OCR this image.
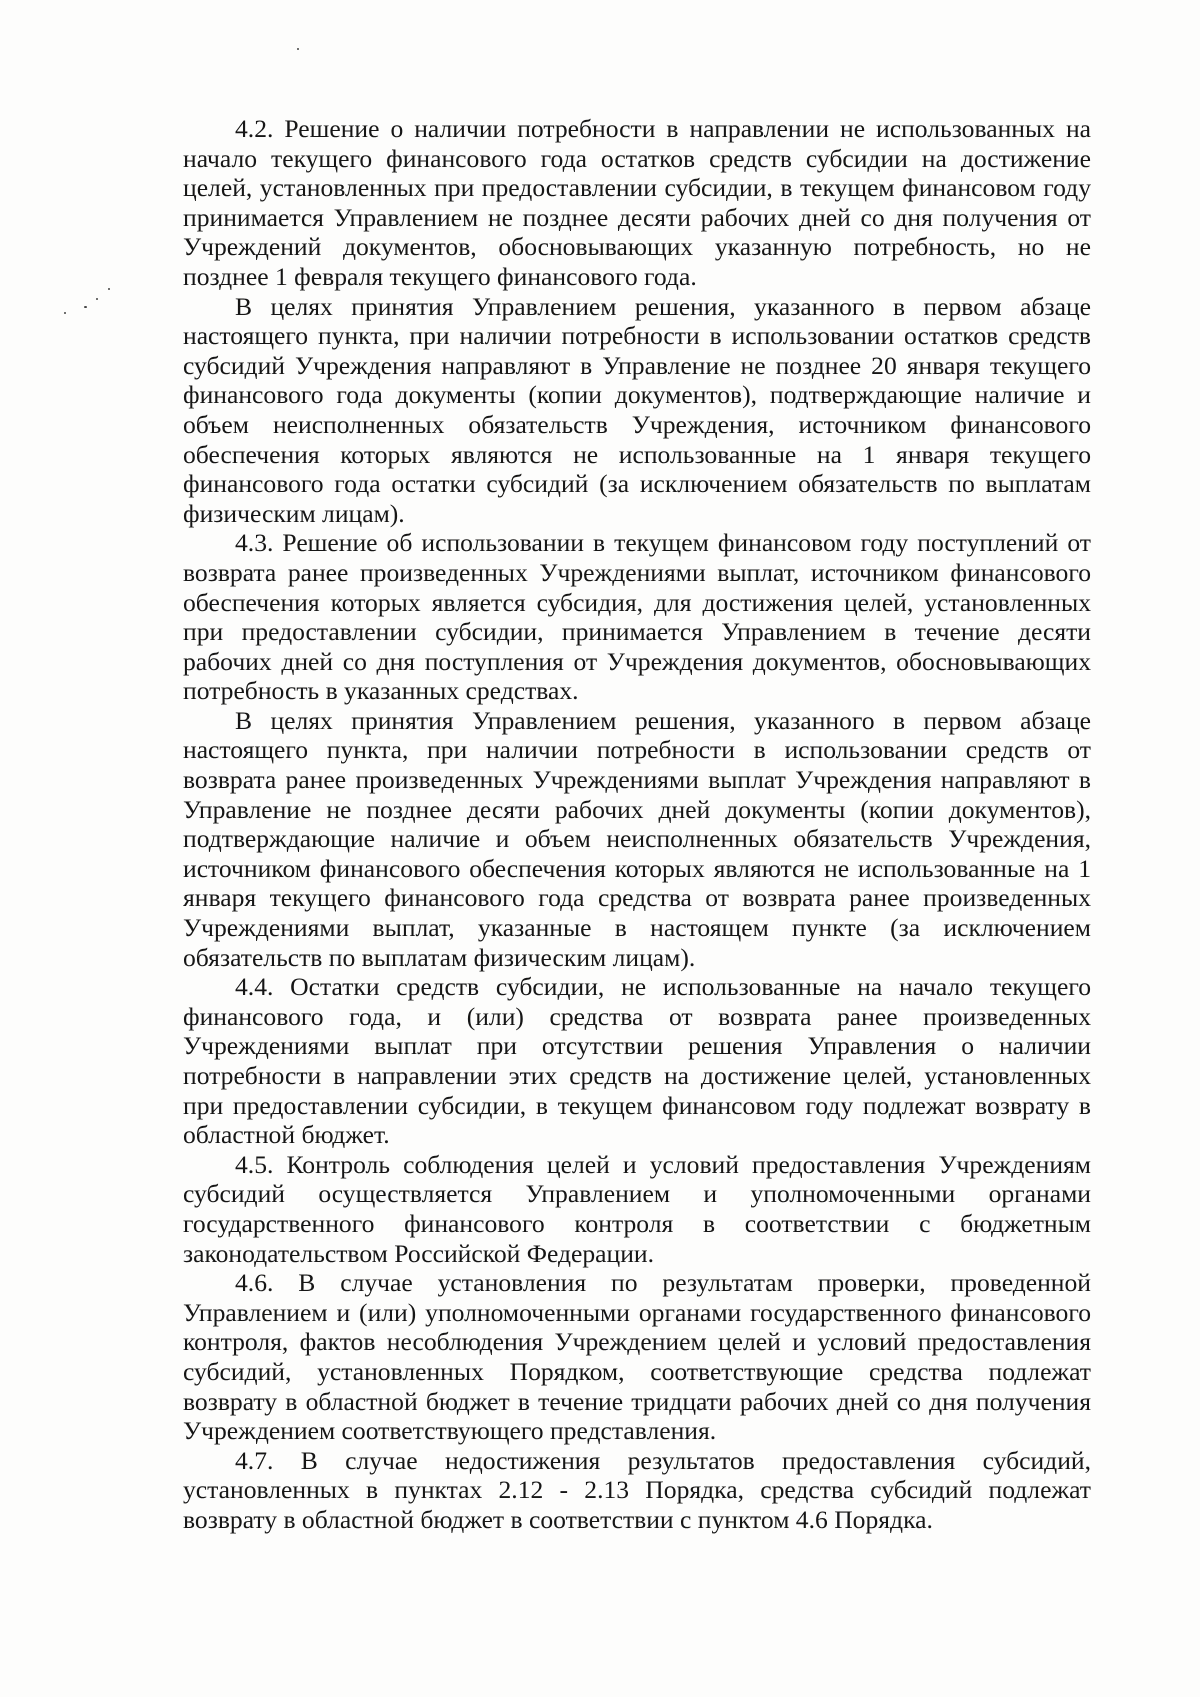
4.2. Решение о наличии потребности в направлении не использованных на начало текущего финансового года остатков средств субсидии на достижение целей, установленных при предоставлении субсидии, в текущем финансовом году принимается Управлением не позднее десяти рабочих дней со дня получения от Учреждений документов, обосновывающих указанную потребность, но не позднее 1 февраля текущего финансового года.

В целях принятия Управлением решения, указанного в первом абзаце настоящего пункта, при наличии потребности в использовании остатков средств субсидий Учреждения направляют в Управление не позднее 20 января текущего финансового года документы (копии документов), подтверждающие наличие и объем неисполненных обязательств Учреждения, источником финансового обеспечения которых являются не использованные на 1 января текущего финансового года остатки субсидий (за исключением обязательств по выплатам физическим лицам).

4.3. Решение об использовании в текущем финансовом году поступлений от возврата ранее произведенных Учреждениями выплат, источником финансового обеспечения которых является субсидия, для достижения целей, установленных при предоставлении субсидии, принимается Управлением в течение десяти рабочих дней со дня поступления от Учреждения документов, обосновывающих потребность в указанных средствах.

В целях принятия Управлением решения, указанного в первом абзаце настоящего пункта, при наличии потребности в использовании средств от возврата ранее произведенных Учреждениями выплат Учреждения направляют в Управление не позднее десяти рабочих дней документы (копии документов), подтверждающие наличие и объем неисполненных обязательств Учреждения, источником финансового обеспечения которых являются не использованные на 1 января текущего финансового года средства от возврата ранее произведенных Учреждениями выплат, указанные в настоящем пункте (за исключением обязательств по выплатам физическим лицам).

4.4. Остатки средств субсидии, не использованные на начало текущего финансового года, и (или) средства от возврата ранее произведенных Учреждениями выплат при отсутствии решения Управления о наличии потребности в направлении этих средств на достижение целей, установленных при предоставлении субсидии, в текущем финансовом году подлежат возврату в областной бюджет.

4.5. Контроль соблюдения целей и условий предоставления Учреждениям субсидий осуществляется Управлением и уполномоченными органами государственного финансового контроля в соответствии с бюджетным законодательством Российской Федерации.

4.6. В случае установления по результатам проверки, проведенной Управлением и (или) уполномоченными органами государственного финансового контроля, фактов несоблюдения Учреждением целей и условий предоставления субсидий, установленных Порядком, соответствующие средства подлежат возврату в областной бюджет в течение тридцати рабочих дней со дня получения Учреждением соответствующего представления.

4.7. В случае недостижения результатов предоставления субсидий, установленных в пунктах 2.12 - 2.13 Порядка, средства субсидий подлежат возврату в областной бюджет в соответствии с пунктом 4.6 Порядка.
